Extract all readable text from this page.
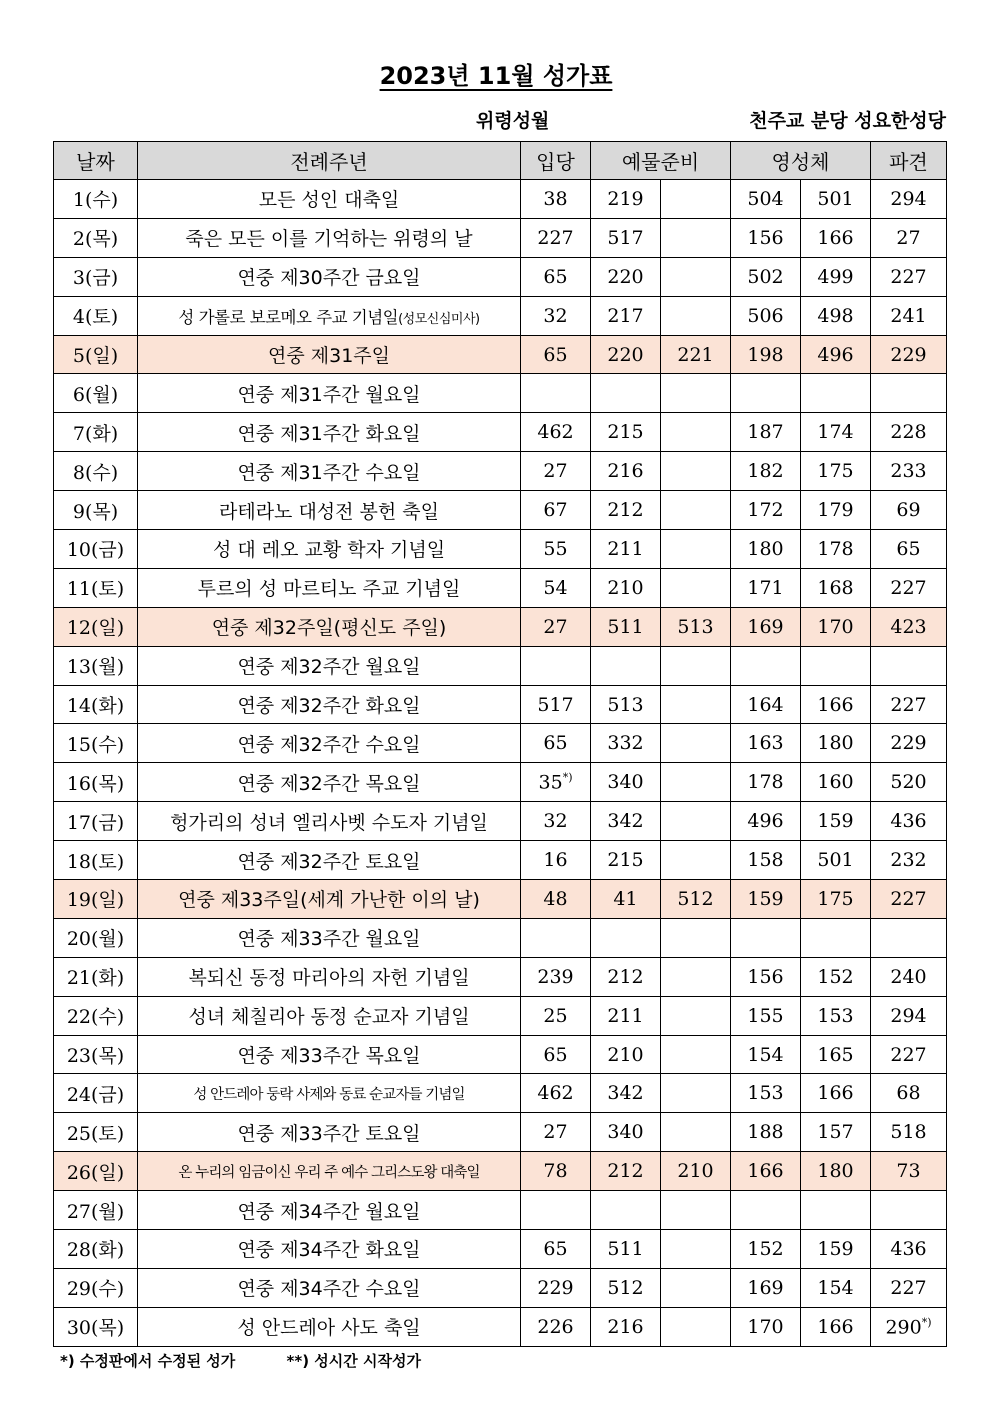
2023년 11월 성가표
위령성월	천주교 분당 성요한성당
날짜	전례주년	입당	예물준비		영성체		파견
1(수)	모든 성인 대축일	38	219		504	501	294
2(목)	죽은 모든 이를 기억하는 위령의 날	227	517		156	166	27
3(금)	연중 제30주간 금요일	65	220		502	499	227
4(토)	성 가롤로 보로메오 주교 기념일(성모신심미사)	32	217		506	498	241
5(일)	연중 제31주일	65	220	221	198	496	229
6(월)	연중 제31주간 월요일						
7(화)	연중 제31주간 화요일	462	215		187	174	228
8(수)	연중 제31주간 수요일	27	216		182	175	233
9(목)	라테라노 대성전 봉헌 축일	67	212		172	179	69
10(금)	성 대 레오 교황 학자 기념일	55	211		180	178	65
11(토)	투르의 성 마르티노 주교 기념일	54	210		171	168	227
12(일)	연중 제32주일(평신도 주일)	27	511	513	169	170	423
13(월)	연중 제32주간 월요일						
14(화)	연중 제32주간 화요일	517	513		164	166	227
15(수)	연중 제32주간 수요일	65	332		163	180	229
16(목)	연중 제32주간 목요일	35*)	340		178	160	520
17(금)	헝가리의 성녀 엘리사벳 수도자 기념일	32	342		496	159	436
18(토)	연중 제32주간 토요일	16	215		158	501	232
19(일)	연중 제33주일(세계 가난한 이의 날)	48	41	512	159	175	227
20(월)	연중 제33주간 월요일						
21(화)	복되신 동정 마리아의 자헌 기념일	239	212		156	152	240
22(수)	성녀 체칠리아 동정 순교자 기념일	25	211		155	153	294
23(목)	연중 제33주간 목요일	65	210		154	165	227
24(금)	성 안드레아 둥락 사제와 동료 순교자들 기념일	462	342		153	166	68
25(토)	연중 제33주간 토요일	27	340		188	157	518
26(일)	온 누리의 임금이신 우리 주 예수 그리스도왕 대축일	78	212	210	166	180	73
27(월)	연중 제34주간 월요일						
28(화)	연중 제34주간 화요일	65	511		152	159	436
29(수)	연중 제34주간 수요일	229	512		169	154	227
30(목)	성 안드레아 사도 축일	226	216		170	166	290*)
*) 수정판에서 수정된 성가	**) 성시간 시작성가
